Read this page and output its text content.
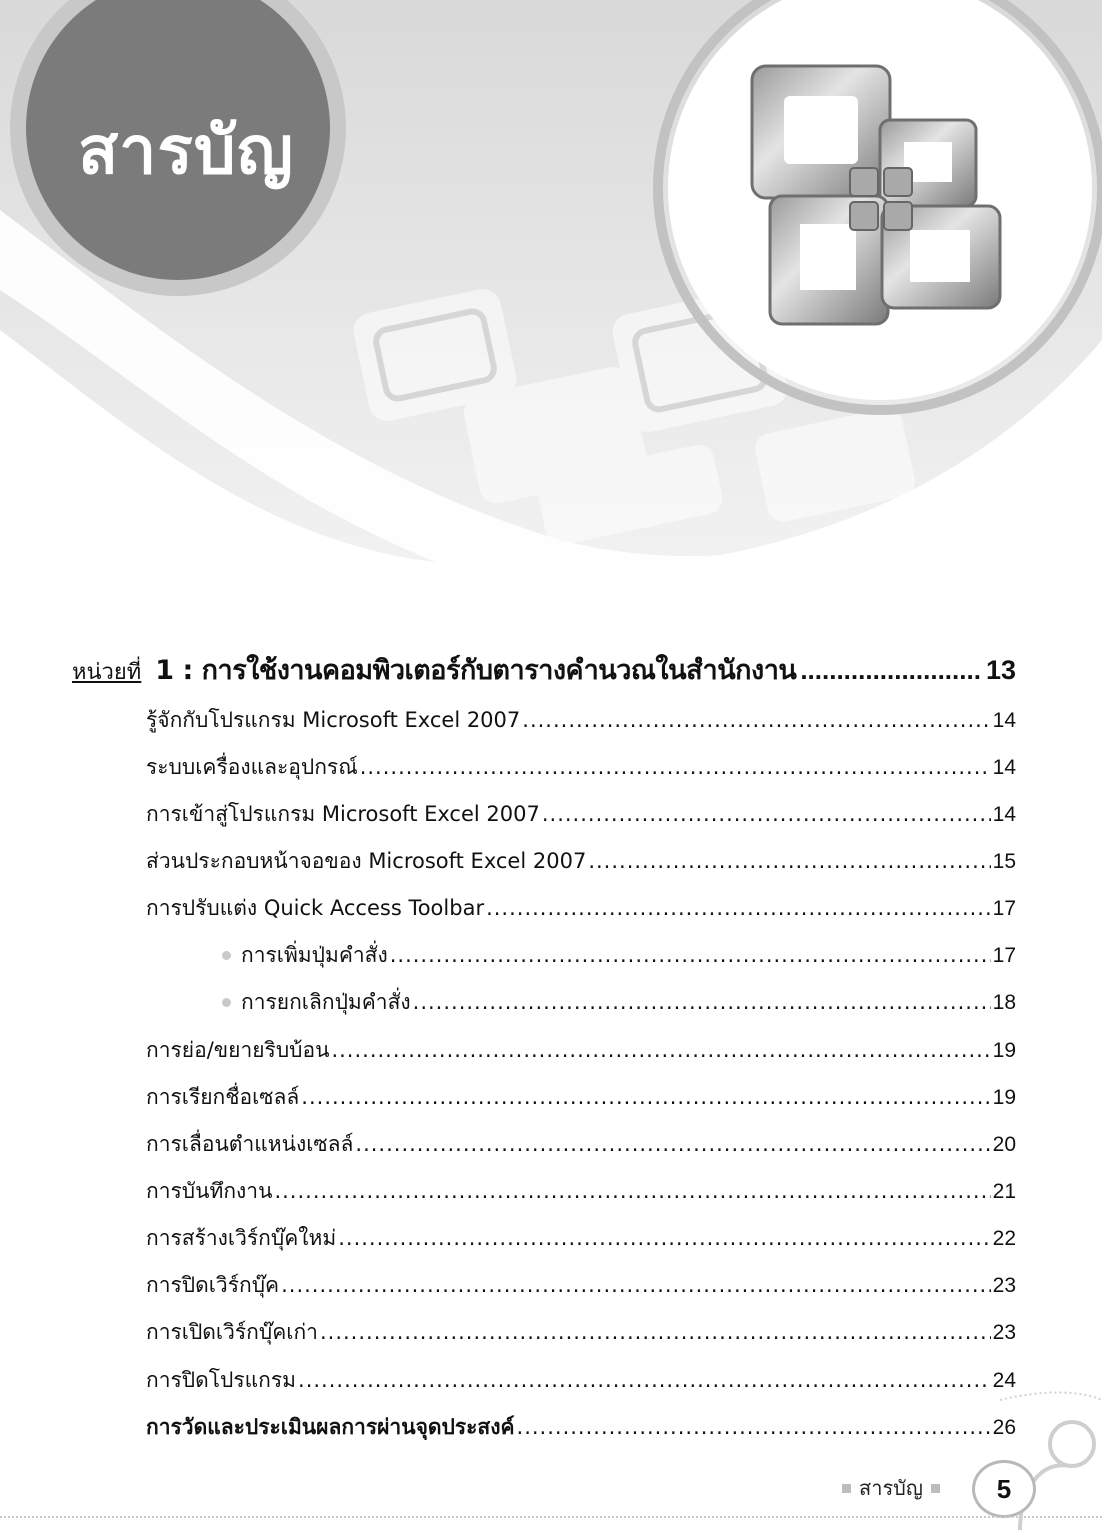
สารบัญ
หน่วยที่ 1 : การใช้งานคอมพิวเตอร์กับตารางคำนวณในสำนักงาน .....	13
รู้จักกับโปรแกรม Microsoft Excel 2007 .....	14
ระบบเครื่องและอุปกรณ์ .....	14
การเข้าสู่โปรแกรม Microsoft Excel 2007 .....	14
ส่วนประกอบหน้าจอของ Microsoft Excel 2007 .....	15
การปรับแต่ง Quick Access Toolbar .....	17
การเพิ่มปุ่มคำสั่ง .....	17
การยกเลิกปุ่มคำสั่ง .....	18
การย่อ/ขยายริบบ้อน .....	19
การเรียกชื่อเซลล์ .....	19
การเลื่อนตำแหน่งเซลล์ .....	20
การบันทึกงาน .....	21
การสร้างเวิร์กบุ๊คใหม่ .....	22
การปิดเวิร์กบุ๊ค .....	23
การเปิดเวิร์กบุ๊คเก่า .....	23
การปิดโปรแกรม .....	24
การวัดและประเมินผลการผ่านจุดประสงค์ .....	26
สารบัญ	5
